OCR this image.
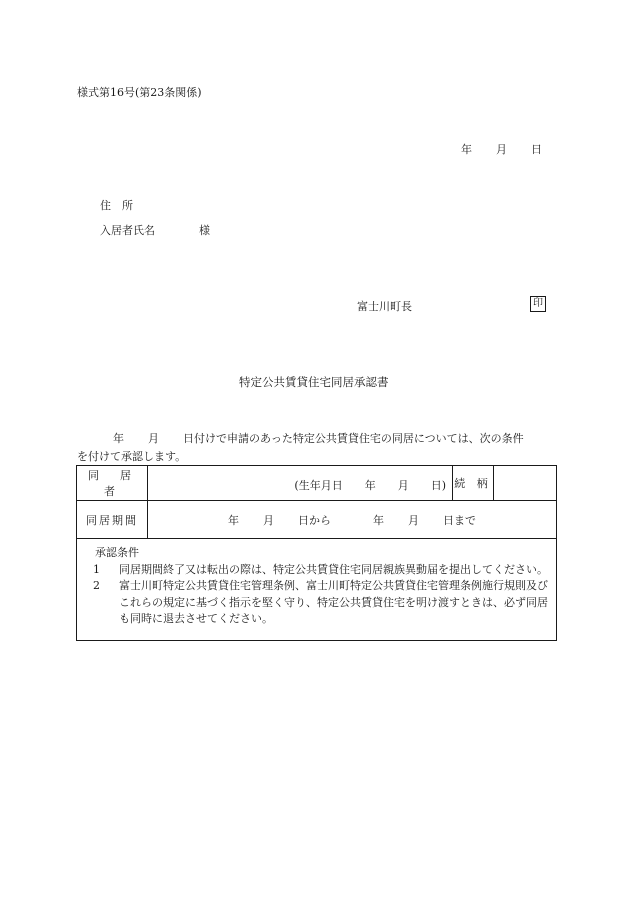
様式第16号(第23条関係)
年 月 日
住　所
入居者氏名	様
富士川町長	印
特定公共賃貸住宅同居承認書
年 月 日付けで申請のあった特定公共賃貸住宅の同居については、次の条件
を付けて承認します。
同　居　者	(生年月日 年 月 日)	続 柄	
同居期間	年 月 日から 年 月 日まで		

承認条件
1 同居期間終了又は転出の際は、特定公共賃貸住宅同居親族異動届を提出してください。
2 富士川町特定公共賃貸住宅管理条例、富士川町特定公共賃貸住宅管理条例施行規則及びこれらの規定に基づく指示を堅く守り、特定公共賃貸住宅を明け渡すときは、必ず同居も同時に退去させてください。			
